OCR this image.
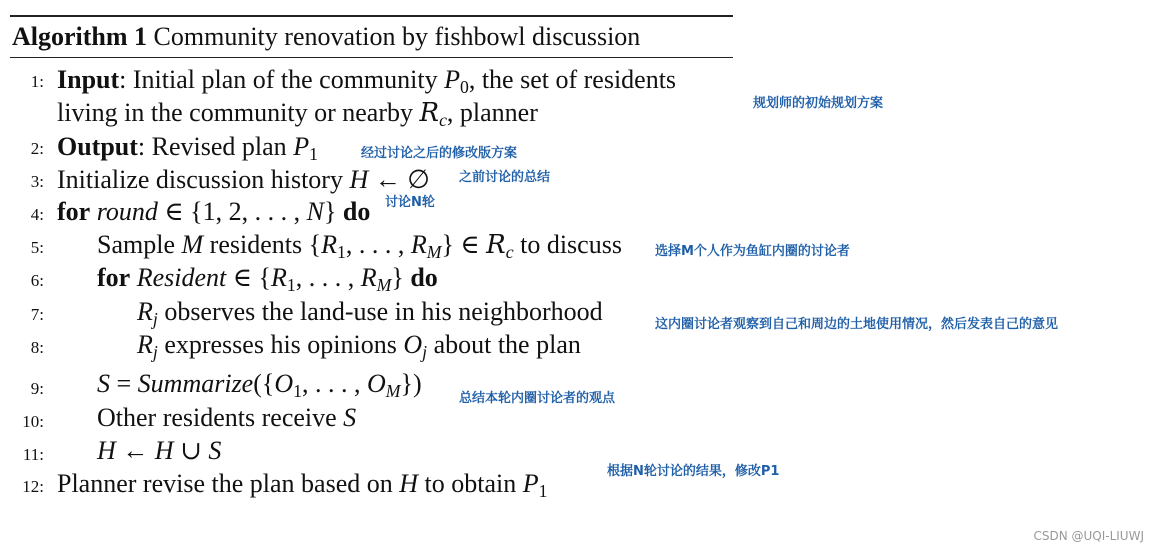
Algorithm 1 Community renovation by fishbowl discussion
1: Input: Initial plan of the community $P_0$, the set of residents
living in the community or nearby $R_c$, planner
2: Output: Revised plan $P_1$
3: Initialize discussion history H ← ∅
4: for round ∈ {1, 2, . . . , N} do
5: Sample M residents {$R_1$, . . . , $R_M$} ∈ $R_c$ to discuss
6: for Resident ∈ {$R_1$, . . . , $R_M$} do
7:	$R_j$ observes the land-use in his neighborhood
8:	$R_j$ expresses his opinions $O_j$ about the plan
9: $S = Summarize(\{O_1$, . . . , $O_M$})
10: Other residents receive S
11: H ← H ∪ S
12: Planner revise the plan based on H to obtain $P_1$
规划师的初始规划方案
经过讨论之后的修改版方案
之前讨论的总结
讨论N轮
选择M个人作为鱼缸内圈的讨论者
这内圈讨论者观察到自己和周边的土地使用情况，然后发表自己的意见
总结本轮内圈讨论者的观点
根据N轮讨论的结果，修改P1
CSDN @UQI-LIUWJ
